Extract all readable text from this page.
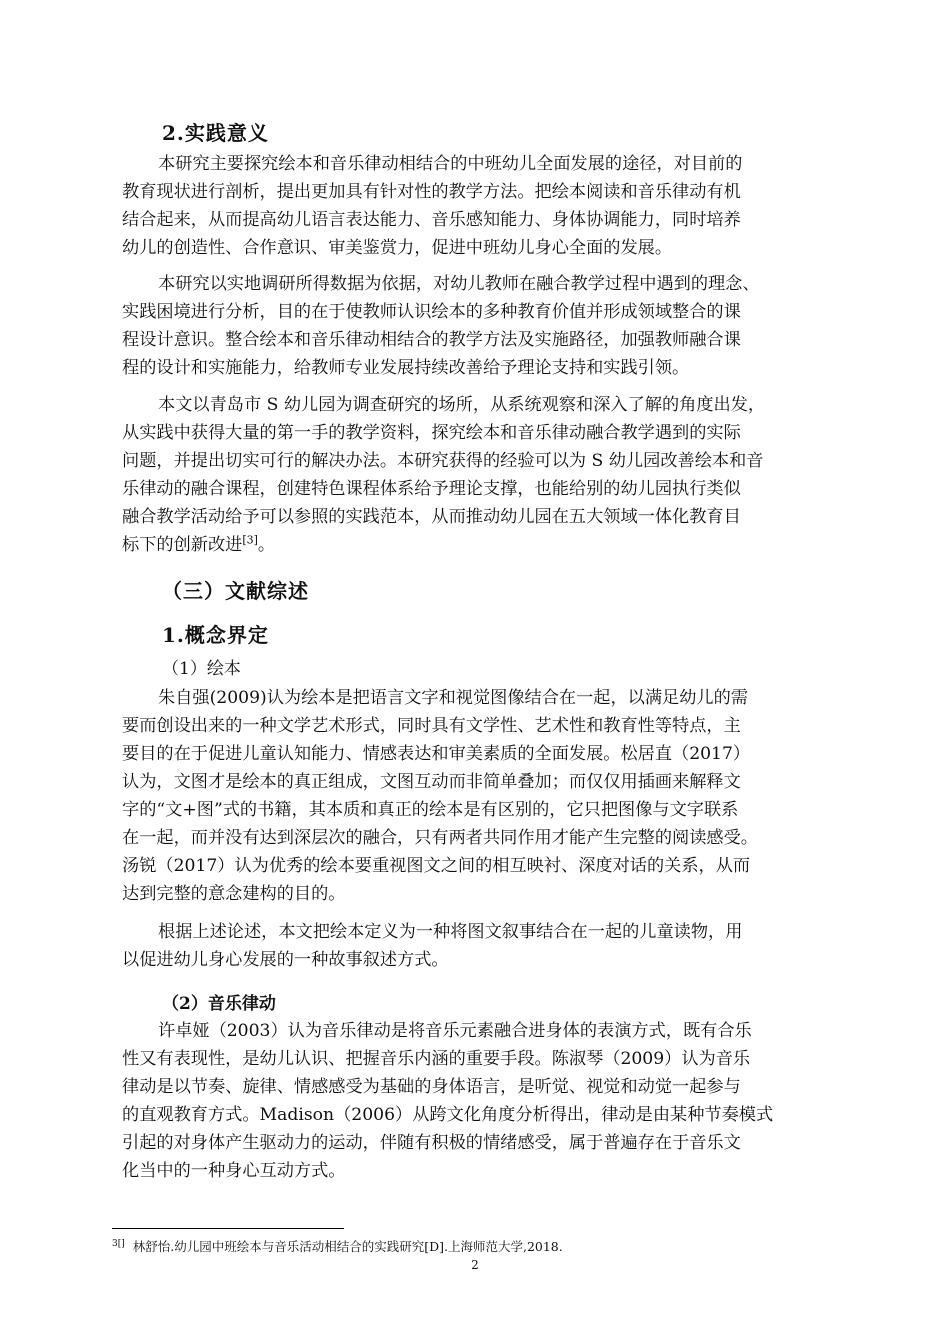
2.实践意义
本研究主要探究绘本和音乐律动相结合的中班幼儿全面发展的途径，对目前的
教育现状进行剖析，提出更加具有针对性的教学方法。把绘本阅读和音乐律动有机
结合起来，从而提高幼儿语言表达能力、音乐感知能力、身体协调能力，同时培养
幼儿的创造性、合作意识、审美鉴赏力，促进中班幼儿身心全面的发展。
本研究以实地调研所得数据为依据，对幼儿教师在融合教学过程中遇到的理念、
实践困境进行分析，目的在于使教师认识绘本的多种教育价值并形成领域整合的课
程设计意识。整合绘本和音乐律动相结合的教学方法及实施路径，加强教师融合课
程的设计和实施能力，给教师专业发展持续改善给予理论支持和实践引领。
本文以青岛市 S 幼儿园为调查研究的场所，从系统观察和深入了解的角度出发，
从实践中获得大量的第一手的教学资料，探究绘本和音乐律动融合教学遇到的实际
问题，并提出切实可行的解决办法。本研究获得的经验可以为 S 幼儿园改善绘本和音
乐律动的融合课程，创建特色课程体系给予理论支撑，也能给别的幼儿园执行类似
融合教学活动给予可以参照的实践范本，从而推动幼儿园在五大领域一体化教育目
标下的创新改进[3]。
（三）文献综述
1.概念界定
（1）绘本
朱自强(2009)认为绘本是把语言文字和视觉图像结合在一起，以满足幼儿的需
要而创设出来的一种文学艺术形式，同时具有文学性、艺术性和教育性等特点，主
要目的在于促进儿童认知能力、情感表达和审美素质的全面发展。松居直（2017）
认为，文图才是绘本的真正组成，文图互动而非简单叠加；而仅仅用插画来解释文
字的“文+图”式的书籍，其本质和真正的绘本是有区别的，它只把图像与文字联系
在一起，而并没有达到深层次的融合，只有两者共同作用才能产生完整的阅读感受。
汤锐（2017）认为优秀的绘本要重视图文之间的相互映衬、深度对话的关系，从而
达到完整的意念建构的目的。
根据上述论述，本文把绘本定义为一种将图文叙事结合在一起的儿童读物，用
以促进幼儿身心发展的一种故事叙述方式。
（2）音乐律动
许卓娅（2003）认为音乐律动是将音乐元素融合进身体的表演方式，既有合乐
性又有表现性，是幼儿认识、把握音乐内涵的重要手段。陈淑琴（2009）认为音乐
律动是以节奏、旋律、情感感受为基础的身体语言，是听觉、视觉和动觉一起参与
的直观教育方式。Madison（2006）从跨文化角度分析得出，律动是由某种节奏模式
引起的对身体产生驱动力的运动，伴随有积极的情绪感受，属于普遍存在于音乐文
化当中的一种身心互动方式。
$^{3[]}$ 林舒怡.幼儿园中班绘本与音乐活动相结合的实践研究[D].上海师范大学,2018.
2
